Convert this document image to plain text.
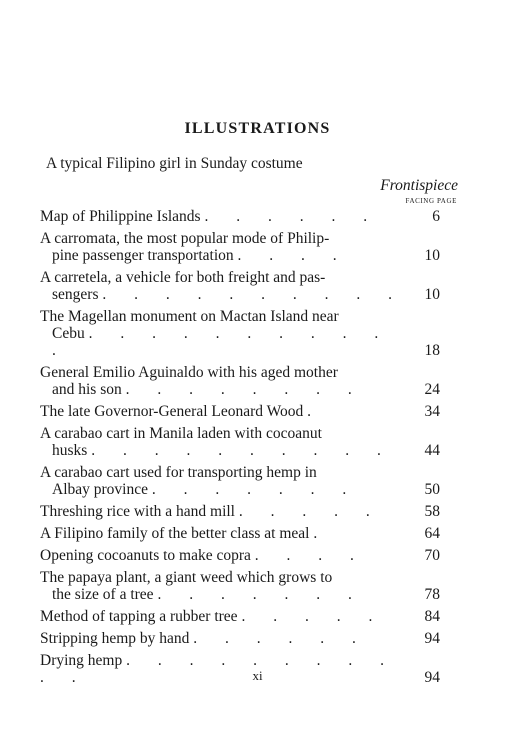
ILLUSTRATIONS
A typical Filipino girl in Sunday costume
Frontispiece
FACING PAGE
Map of Philippine Islands . . . . . .	6
A carromata, the most popular mode of Philip-
pine passenger transportation . . . .	10
A carretela, a vehicle for both freight and pas-
sengers . . . . . . . . . .	10
The Magellan monument on Mactan Island near
Cebu . . . . . . . . . . .	18
General Emilio Aguinaldo with his aged mother
and his son . . . . . . . .	24
The late Governor-General Leonard Wood .	34
A carabao cart in Manila laden with cocoanut
husks . . . . . . . . . .	44
A carabao cart used for transporting hemp in
Albay province . . . . . . .	50
Threshing rice with a hand mill . . . . .	58
A Filipino family of the better class at meal .	64
Opening cocoanuts to make copra . . . .	70
The papaya plant, a giant weed which grows to
the size of a tree . . . . . . .	78
Method of tapping a rubber tree . . . . .	84
Stripping hemp by hand . . . . . .	94
Drying hemp . . . . . . . . . . .	94
xi
